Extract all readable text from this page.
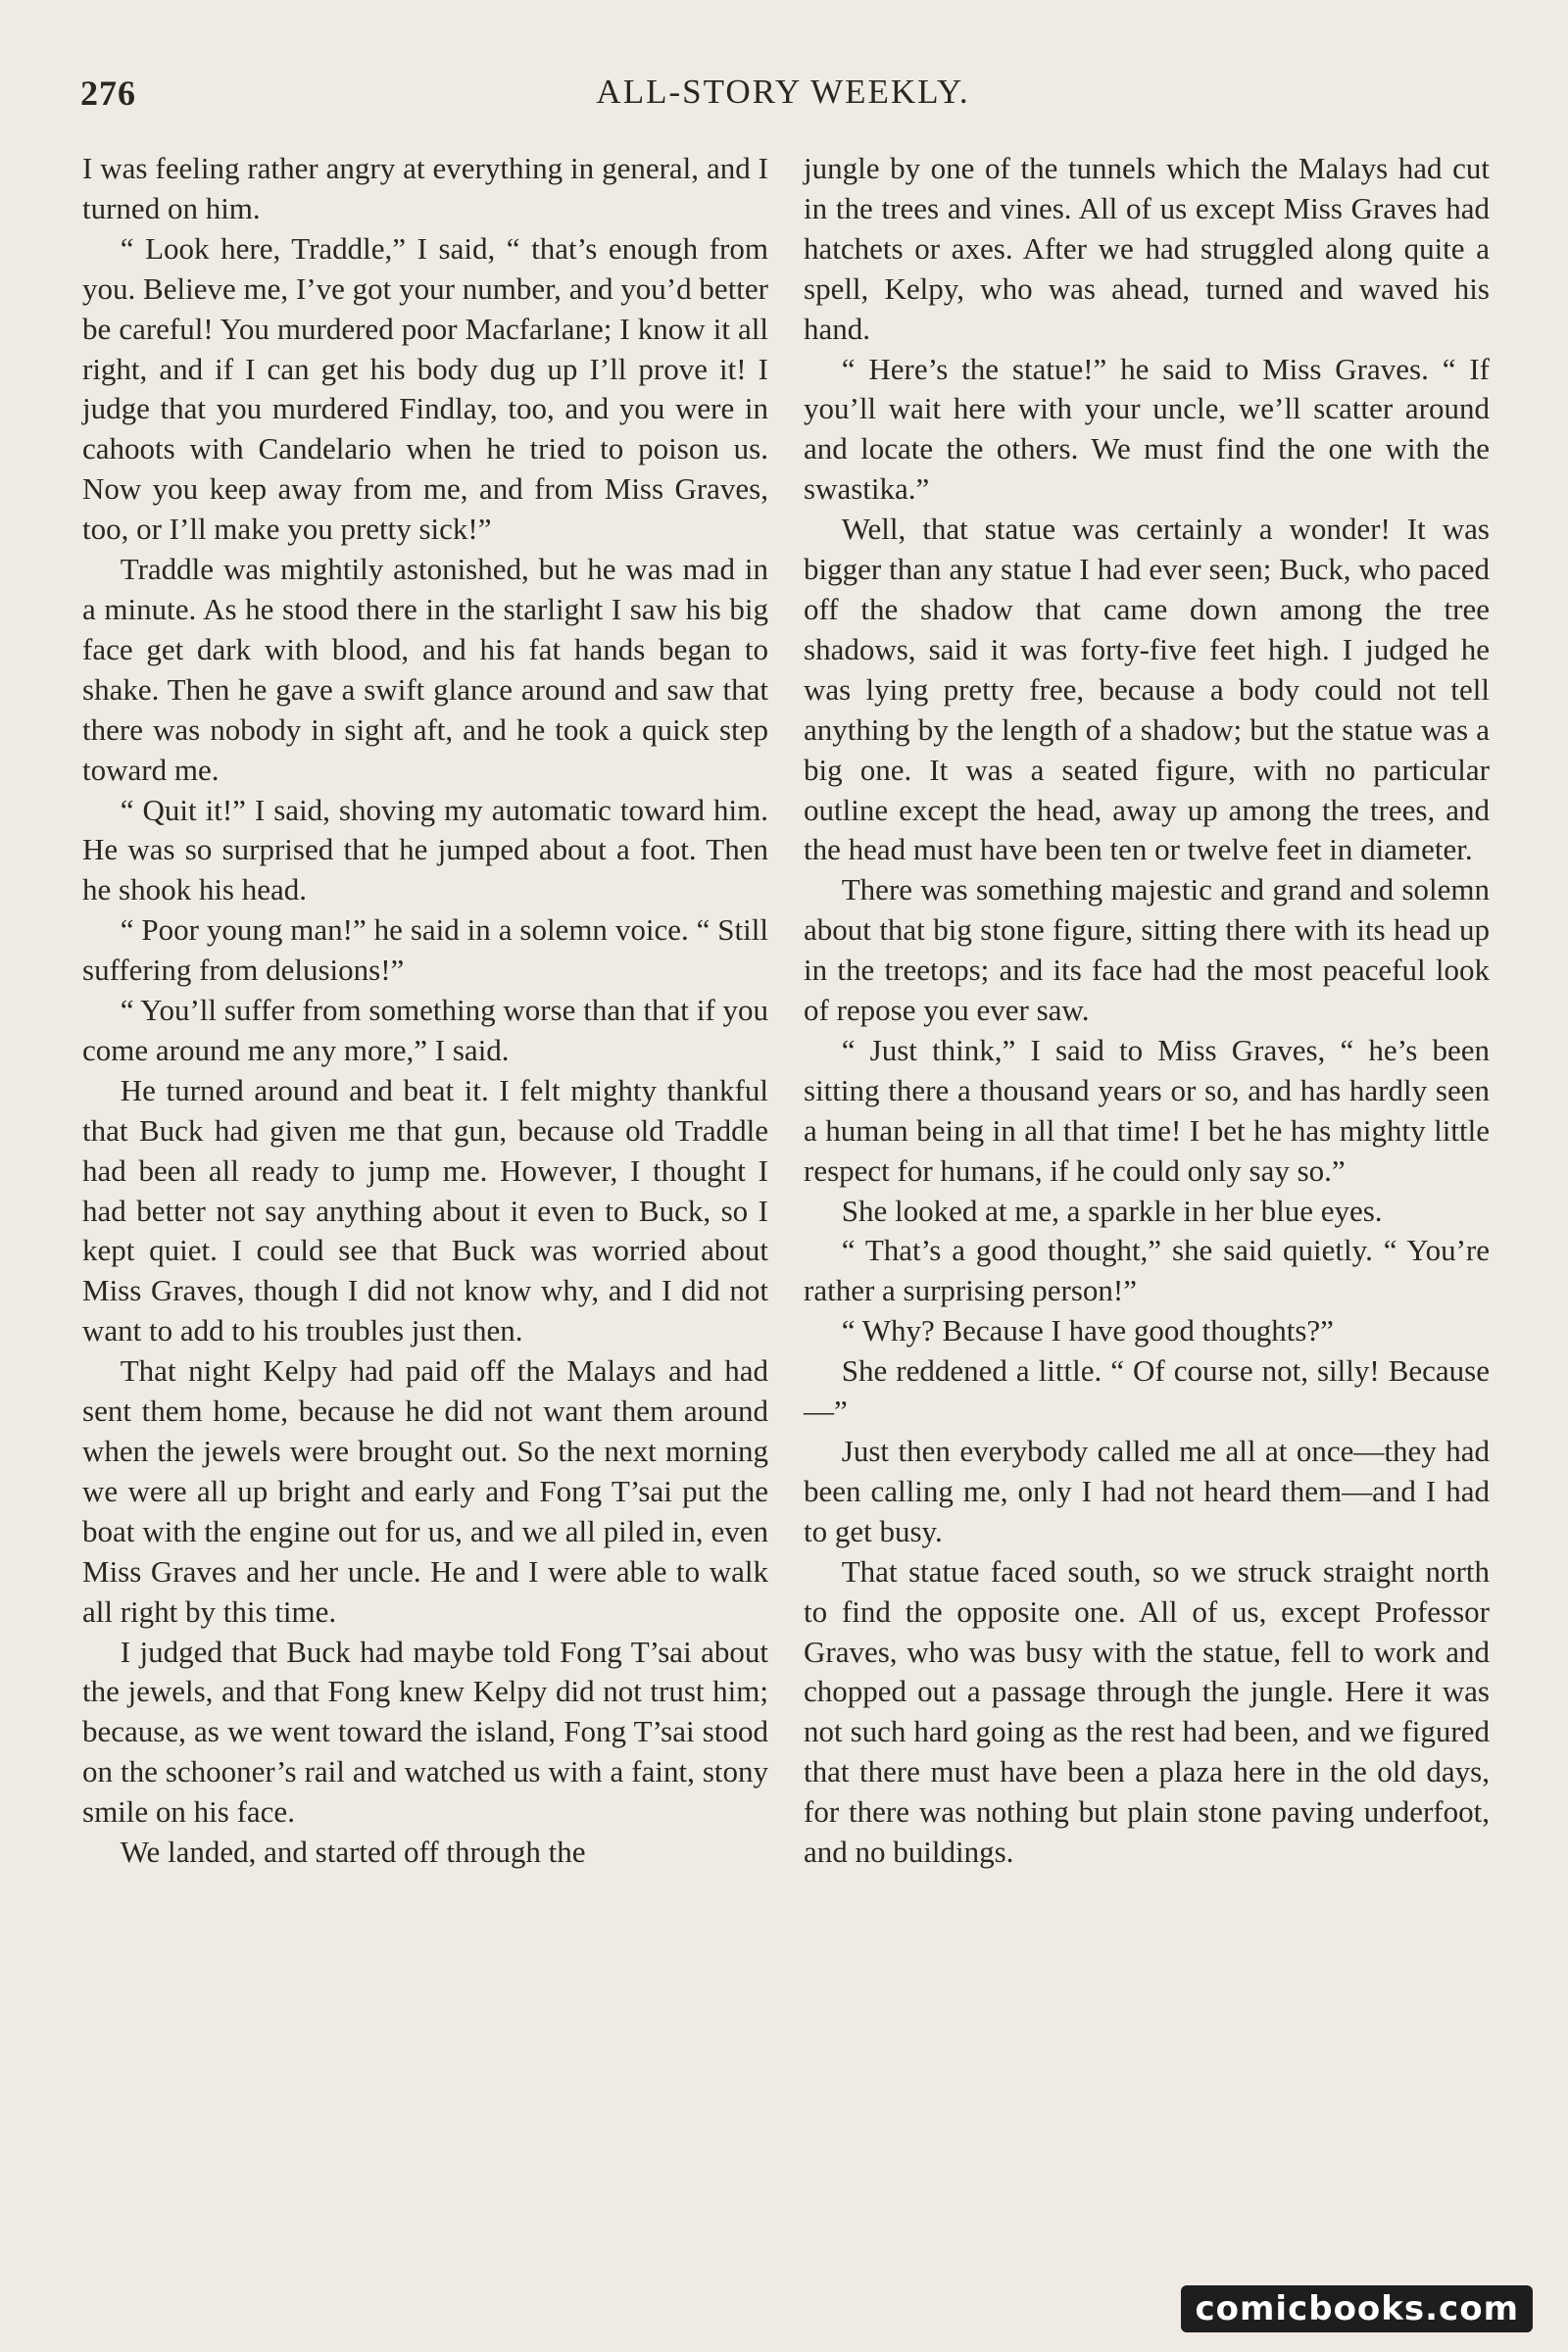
276	ALL-STORY WEEKLY.

I was feeling rather angry at everything in general, and I turned on him.

“ Look here, Traddle,” I said, “ that’s enough from you. Believe me, I’ve got your number, and you’d better be careful! You murdered poor Macfarlane; I know it all right, and if I can get his body dug up I’ll prove it! I judge that you murdered Findlay, too, and you were in cahoots with Candelario when he tried to poison us. Now you keep away from me, and from Miss Graves, too, or I’ll make you pretty sick!”

Traddle was mightily astonished, but he was mad in a minute. As he stood there in the starlight I saw his big face get dark with blood, and his fat hands began to shake. Then he gave a swift glance around and saw that there was nobody in sight aft, and he took a quick step toward me.

“ Quit it!” I said, shoving my automatic toward him. He was so surprised that he jumped about a foot. Then he shook his head.

“ Poor young man!” he said in a solemn voice. “ Still suffering from delusions!”

“ You’ll suffer from something worse than that if you come around me any more,” I said.

He turned around and beat it. I felt mighty thankful that Buck had given me that gun, because old Traddle had been all ready to jump me. However, I thought I had better not say anything about it even to Buck, so I kept quiet. I could see that Buck was worried about Miss Graves, though I did not know why, and I did not want to add to his troubles just then.

That night Kelpy had paid off the Malays and had sent them home, because he did not want them around when the jewels were brought out. So the next morning we were all up bright and early and Fong T’sai put the boat with the engine out for us, and we all piled in, even Miss Graves and her uncle. He and I were able to walk all right by this time.

I judged that Buck had maybe told Fong T’sai about the jewels, and that Fong knew Kelpy did not trust him; because, as we went toward the island, Fong T’sai stood on the schooner’s rail and watched us with a faint, stony smile on his face.

We landed, and started off through the

jungle by one of the tunnels which the Malays had cut in the trees and vines. All of us except Miss Graves had hatchets or axes. After we had struggled along quite a spell, Kelpy, who was ahead, turned and waved his hand.

“ Here’s the statue!” he said to Miss Graves. “ If you’ll wait here with your uncle, we’ll scatter around and locate the others. We must find the one with the swastika.”

Well, that statue was certainly a wonder! It was bigger than any statue I had ever seen; Buck, who paced off the shadow that came down among the tree shadows, said it was forty-five feet high. I judged he was lying pretty free, because a body could not tell anything by the length of a shadow; but the statue was a big one. It was a seated figure, with no particular outline except the head, away up among the trees, and the head must have been ten or twelve feet in diameter.

There was something majestic and grand and solemn about that big stone figure, sitting there with its head up in the treetops; and its face had the most peaceful look of repose you ever saw.

“ Just think,” I said to Miss Graves, “ he’s been sitting there a thousand years or so, and has hardly seen a human being in all that time! I bet he has mighty little respect for humans, if he could only say so.”

She looked at me, a sparkle in her blue eyes.

“ That’s a good thought,” she said quietly. “ You’re rather a surprising person!”

“ Why? Because I have good thoughts?”

She reddened a little. “ Of course not, silly! Because—”

Just then everybody called me all at once—they had been calling me, only I had not heard them—and I had to get busy.

That statue faced south, so we struck straight north to find the opposite one. All of us, except Professor Graves, who was busy with the statue, fell to work and chopped out a passage through the jungle. Here it was not such hard going as the rest had been, and we figured that there must have been a plaza here in the old days, for there was nothing but plain stone paving underfoot, and no buildings.

comicbooks.com
